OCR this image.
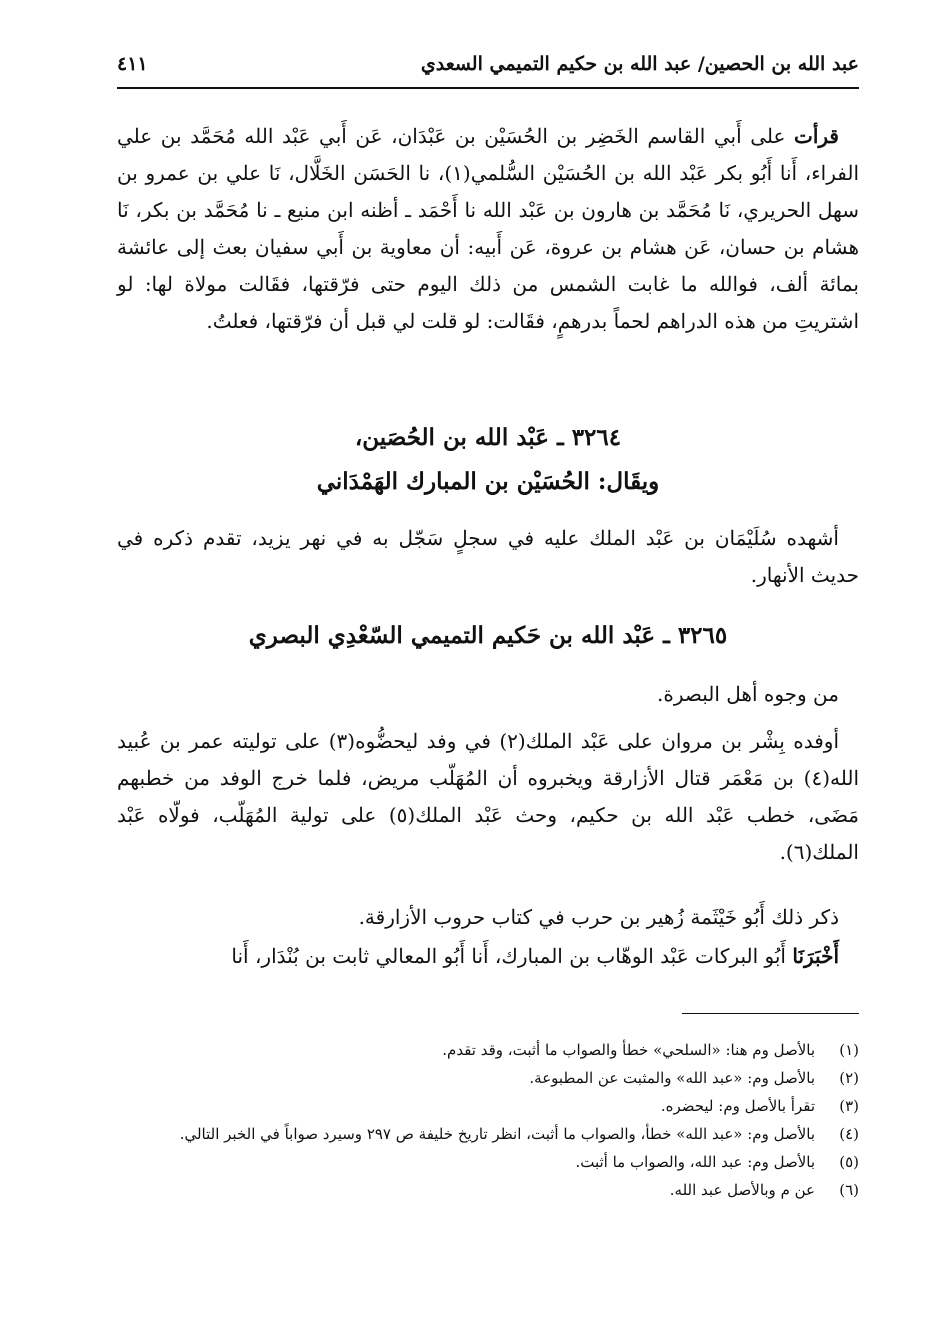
عبد الله بن الحصين/ عبد الله بن حكيم التميمي السعدي
٤١١
قرأت على أَبي القاسم الخَضِر بن الحُسَيْن بن عَبْدَان، عَن أَبي عَبْد الله مُحَمَّد بن علي الفراء، أَنا أَبُو بكر عَبْد الله بن الحُسَيْن السُّلمي(١)، نا الحَسَن الخَلَّال، نَا علي بن عمرو بن سهل الحريري، نَا مُحَمَّد بن هارون بن عَبْد الله نا أَحْمَد ـ أظنه ابن منيع ـ نا مُحَمَّد بن بكر، نَا هشام بن حسان، عَن هشام بن عروة، عَن أَبيه: أن معاوية بن أَبي سفيان بعث إلى عائشة بمائة ألف، فوالله ما غابت الشمس من ذلك اليوم حتى فرّقتها، فقَالت مولاة لها: لو اشتريتِ من هذه الدراهم لحماً بدرهمٍ، فقَالت: لو قلت لي قبل أن فرّقتها، فعلتُ.
٣٢٦٤ ـ عَبْد الله بن الحُصَين،
ويقَال: الحُسَيْن بن المبارك الهَمْدَاني
أشهده سُلَيْمَان بن عَبْد الملك عليه في سجلٍ سَجّل به في نهر يزيد، تقدم ذكره في حديث الأنهار.
٣٢٦٥ ـ عَبْد الله بن حَكيم التميمي السّعْدِي البصري
من وجوه أهل البصرة.
أوفده بِشْر بن مروان على عَبْد الملك(٢) في وفد ليحضُّوه(٣) على توليته عمر بن عُبيد الله(٤) بن مَعْمَر قتال الأزارقة ويخبروه أن المُهَلّب مريض، فلما خرج الوفد من خطبهم مَضَى، خطب عَبْد الله بن حكيم، وحث عَبْد الملك(٥) على تولية المُهَلّب، فولّاه عَبْد الملك(٦).
ذكر ذلك أَبُو خَيْثَمة زُهير بن حرب في كتاب حروب الأزارقة.
أَخْبَرَنَا أَبُو البركات عَبْد الوهّاب بن المبارك، أَنا أَبُو المعالي ثابت بن بُنْدَار، أَنا
(١)
بالأصل وم هنا: «السلحي» خطأ والصواب ما أثبت، وقد تقدم.
(٢)
بالأصل وم: «عبد الله» والمثبت عن المطبوعة.
(٣)
تقرأ بالأصل وم: ليحضره.
(٤)
بالأصل وم: «عبد الله» خطأ، والصواب ما أثبت، انظر تاريخ خليفة ص ٢٩٧ وسيرد صواباً في الخبر التالي.
(٥)
بالأصل وم: عبد الله، والصواب ما أثبت.
(٦)
عن م وبالأصل عبد الله.
